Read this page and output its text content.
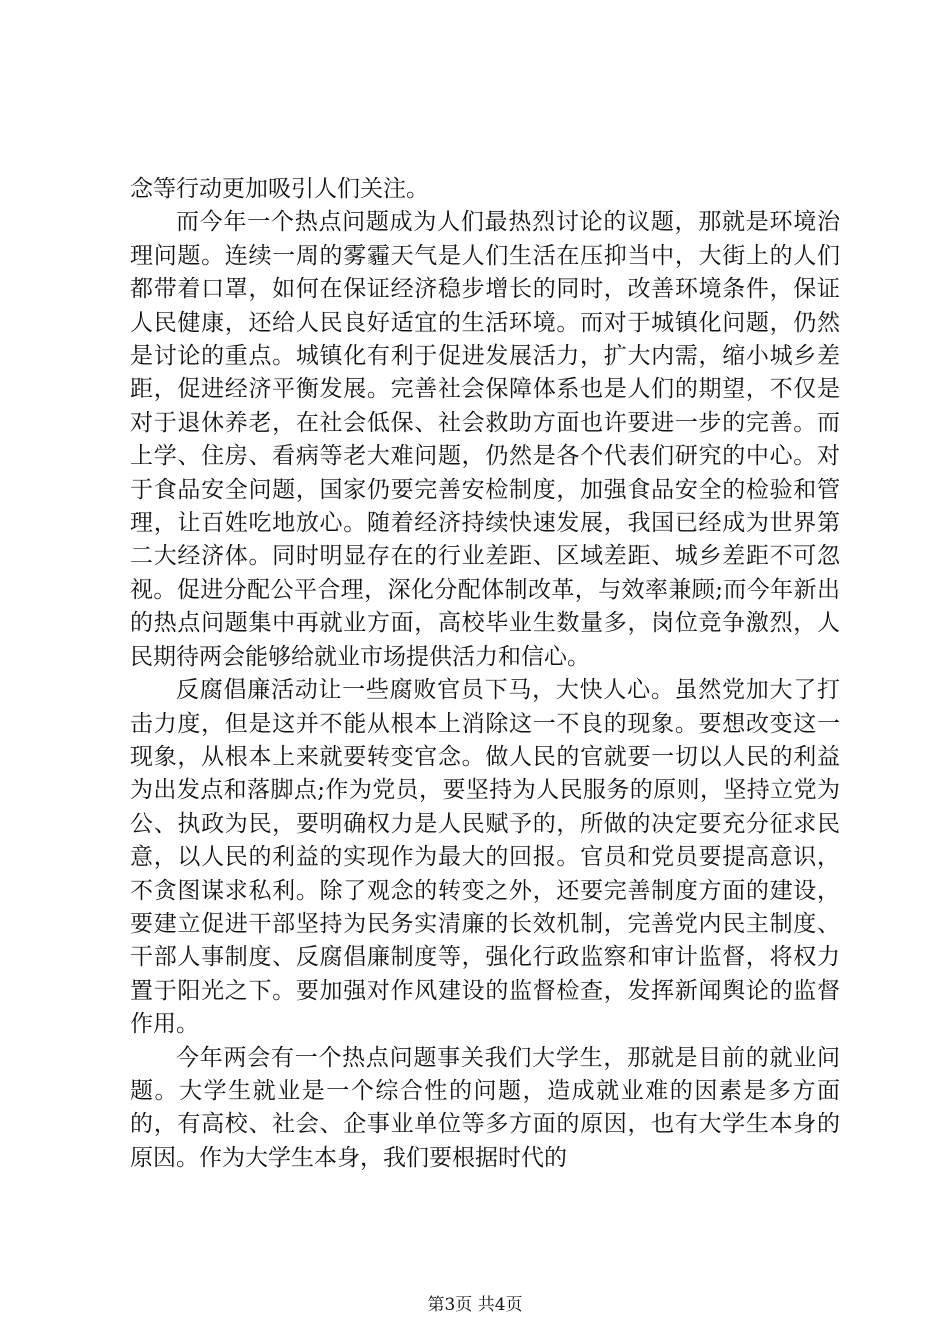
念等行动更加吸引人们关注。

而今年一个热点问题成为人们最热烈讨论的议题，那就是环境治理问题。连续一周的雾霾天气是人们生活在压抑当中，大街上的人们都带着口罩，如何在保证经济稳步增长的同时，改善环境条件，保证人民健康，还给人民良好适宜的生活环境。而对于城镇化问题，仍然是讨论的重点。城镇化有利于促进发展活力，扩大内需，缩小城乡差距，促进经济平衡发展。完善社会保障体系也是人们的期望，不仅是对于退休养老，在社会低保、社会救助方面也许要进一步的完善。而上学、住房、看病等老大难问题，仍然是各个代表们研究的中心。对于食品安全问题，国家仍要完善安检制度，加强食品安全的检验和管理，让百姓吃地放心。随着经济持续快速发展，我国已经成为世界第二大经济体。同时明显存在的行业差距、区域差距、城乡差距不可忽视。促进分配公平合理，深化分配体制改革，与效率兼顾;而今年新出的热点问题集中再就业方面，高校毕业生数量多，岗位竞争激烈，人民期待两会能够给就业市场提供活力和信心。

反腐倡廉活动让一些腐败官员下马，大快人心。虽然党加大了打击力度，但是这并不能从根本上消除这一不良的现象。要想改变这一现象，从根本上来就要转变官念。做人民的官就要一切以人民的利益为出发点和落脚点;作为党员，要坚持为人民服务的原则，坚持立党为公、执政为民，要明确权力是人民赋予的，所做的决定要充分征求民意，以人民的利益的实现作为最大的回报。官员和党员要提高意识，不贪图谋求私利。除了观念的转变之外，还要完善制度方面的建设，要建立促进干部坚持为民务实清廉的长效机制，完善党内民主制度、干部人事制度、反腐倡廉制度等，强化行政监察和审计监督，将权力置于阳光之下。要加强对作风建设的监督检查，发挥新闻舆论的监督作用。

今年两会有一个热点问题事关我们大学生，那就是目前的就业问题。大学生就业是一个综合性的问题，造成就业难的因素是多方面的，有高校、社会、企事业单位等多方面的原因，也有大学生本身的原因。作为大学生本身，我们要根据时代的

第3页 共4页
